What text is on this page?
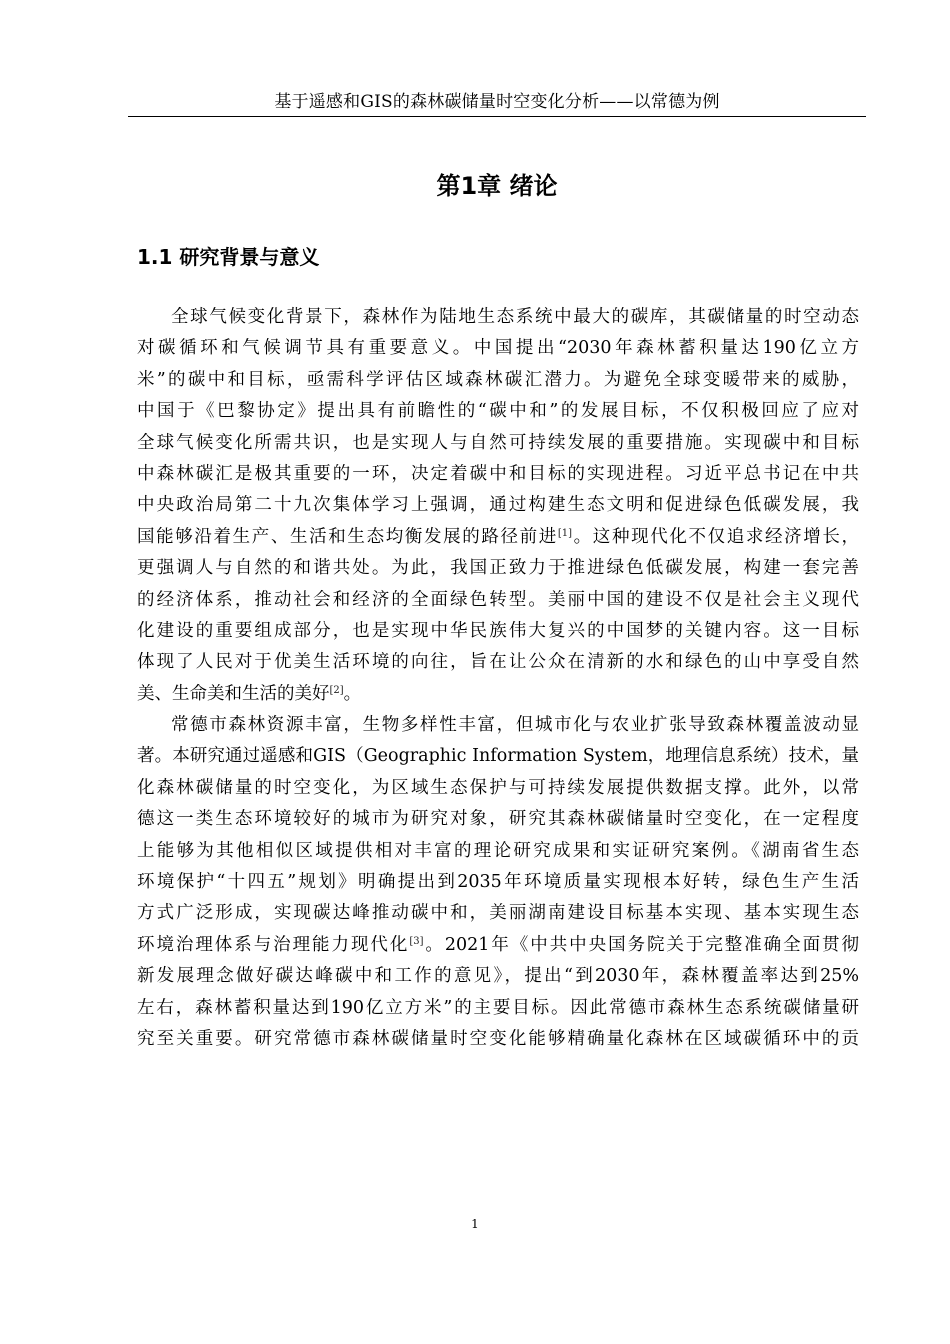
基于遥感和GIS的森林碳储量时空变化分析——以常德为例
第1章 绪论
1.1 研究背景与意义
全球气候变化背景下，森林作为陆地生态系统中最大的碳库，其碳储量的时空动态
对碳循环和气候调节具有重要意义。中国提出“2030年森林蓄积量达190亿立方
米”的碳中和目标，亟需科学评估区域森林碳汇潜力。为避免全球变暖带来的威胁，
中国于《巴黎协定》提出具有前瞻性的“碳中和”的发展目标，不仅积极回应了应对
全球气候变化所需共识，也是实现人与自然可持续发展的重要措施。实现碳中和目标
中森林碳汇是极其重要的一环，决定着碳中和目标的实现进程。习近平总书记在中共
中央政治局第二十九次集体学习上强调，通过构建生态文明和促进绿色低碳发展，我
国能够沿着生产、生活和生态均衡发展的路径前进[1]。这种现代化不仅追求经济增长，
更强调人与自然的和谐共处。为此，我国正致力于推进绿色低碳发展，构建一套完善
的经济体系，推动社会和经济的全面绿色转型。美丽中国的建设不仅是社会主义现代
化建设的重要组成部分，也是实现中华民族伟大复兴的中国梦的关键内容。这一目标
体现了人民对于优美生活环境的向往，旨在让公众在清新的水和绿色的山中享受自然
美、生命美和生活的美好[2]。
常德市森林资源丰富，生物多样性丰富，但城市化与农业扩张导致森林覆盖波动显
著。本研究通过遥感和GIS（Geographic Information System，地理信息系统）技术，量
化森林碳储量的时空变化，为区域生态保护与可持续发展提供数据支撑。此外，以常
德这一类生态环境较好的城市为研究对象，研究其森林碳储量时空变化，在一定程度
上能够为其他相似区域提供相对丰富的理论研究成果和实证研究案例。《湖南省生态
环境保护“十四五”规划》明确提出到2035年环境质量实现根本好转，绿色生产生活
方式广泛形成，实现碳达峰推动碳中和，美丽湖南建设目标基本实现、基本实现生态
环境治理体系与治理能力现代化[3]。2021年《中共中央国务院关于完整准确全面贯彻
新发展理念做好碳达峰碳中和工作的意见》，提出“到2030年，森林覆盖率达到25%
左右，森林蓄积量达到190亿立方米”的主要目标。因此常德市森林生态系统碳储量研
究至关重要。研究常德市森林碳储量时空变化能够精确量化森林在区域碳循环中的贡
1
